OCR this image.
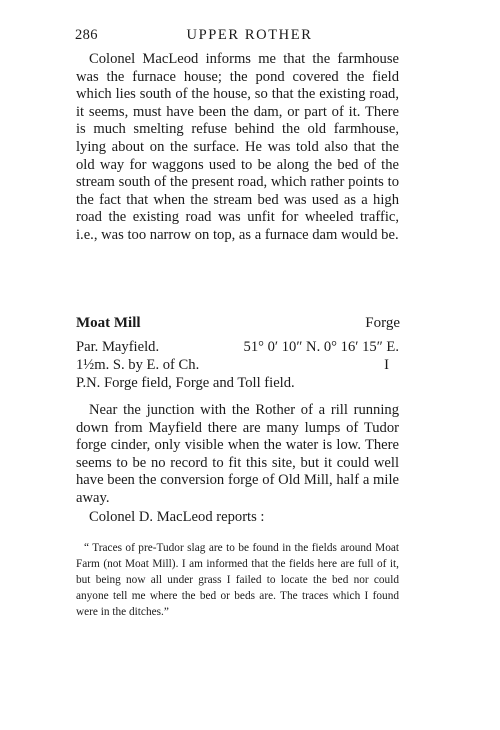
286	UPPER ROTHER

Colonel MacLeod informs me that the farmhouse was the furnace house; the pond covered the field which lies south of the house, so that the existing road, it seems, must have been the dam, or part of it. There is much smelting refuse behind the old farmhouse, lying about on the surface. He was told also that the old way for waggons used to be along the bed of the stream south of the present road, which rather points to the fact that when the stream bed was used as a high road the existing road was unfit for wheeled traffic, i.e., was too narrow on top, as a furnace dam would be.

Moat Mill	Forge
Par. Mayfield.	51° 0′ 10″ N. 0° 16′ 15″ E.
1½m. S. by E. of Ch.	I
P.N. Forge field, Forge and Toll field.

Near the junction with the Rother of a rill running down from Mayfield there are many lumps of Tudor forge cinder, only visible when the water is low. There seems to be no record to fit this site, but it could well have been the conversion forge of Old Mill, half a mile away.

Colonel D. MacLeod reports :

“ Traces of pre-Tudor slag are to be found in the fields around Moat Farm (not Moat Mill). I am informed that the fields here are full of it, but being now all under grass I failed to locate the bed nor could anyone tell me where the bed or beds are. The traces which I found were in the ditches.”
